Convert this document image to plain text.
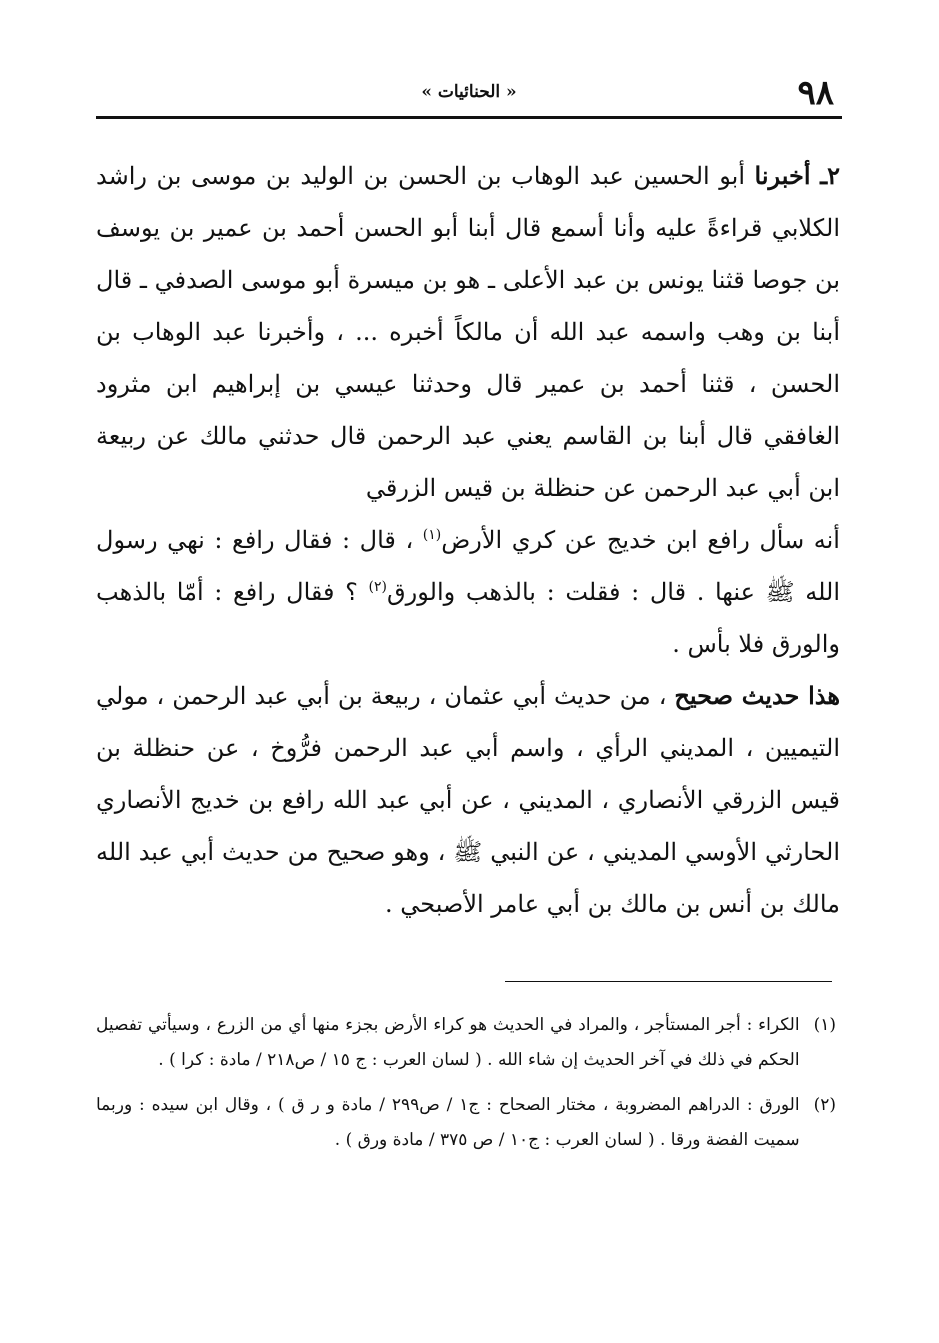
٩٨
« الحنائيات »

٢ـ أخبرنا أبو الحسين عبد الوهاب بن الحسن بن الوليد بن موسى بن راشد الكلابي قراءةً عليه وأنا أسمع قال أبنا أبو الحسن أحمد بن عمير بن يوسف بن جوصا قثنا يونس بن عبد الأعلى ـ هو بن ميسرة أبو موسى الصدفي ـ قال أبنا بن وهب واسمه عبد الله أن مالكاً أخبره ... ، وأخبرنا عبد الوهاب بن الحسن ، قثنا أحمد بن عمير قال وحدثنا عيسي بن إبراهيم ابن مثرود الغافقي قال أبنا بن القاسم يعني عبد الرحمن قال حدثني مالك عن ربيعة ابن أبي عبد الرحمن عن حنظلة بن قيس الزرقي

أنه سأل رافع ابن خديج عن كري الأرض$^{(١)}$ ، قال : فقال رافع : نهي رسول الله ﷺ عنها . قال : فقلت : بالذهب والورق$^{(٢)}$ ؟ فقال رافع : أمّا بالذهب والورق فلا بأس .

هذا حديث صحيح ، من حديث أبي عثمان ، ربيعة بن أبي عبد الرحمن ، مولي التيميين ، المديني الرأي ، واسم أبي عبد الرحمن فرُّوخ ، عن حنظلة بن قيس الزرقي الأنصاري ، المديني ، عن أبي عبد الله رافع بن خديج الأنصاري الحارثي الأوسي المديني ، عن النبي ﷺ ، وهو صحيح من حديث أبي عبد الله مالك بن أنس بن مالك بن أبي عامر الأصبحي .

(١)
الكراء : أجر المستأجر ، والمراد في الحديث هو كراء الأرض بجزء منها أي من الزرع ، وسيأتي تفصيل الحكم في ذلك في آخر الحديث إن شاء الله . ( لسان العرب : ج ١٥ / ص٢١٨ / مادة : كرا ) .
(٢)
الورق : الدراهم المضروبة ، مختار الصحاح : ج١ / ص٢٩٩ / مادة و ر ق ) ، وقال ابن سيده : وربما سميت الفضة ورقا . ( لسان العرب : ج١٠ / ص ٣٧٥ / مادة ورق ) .
